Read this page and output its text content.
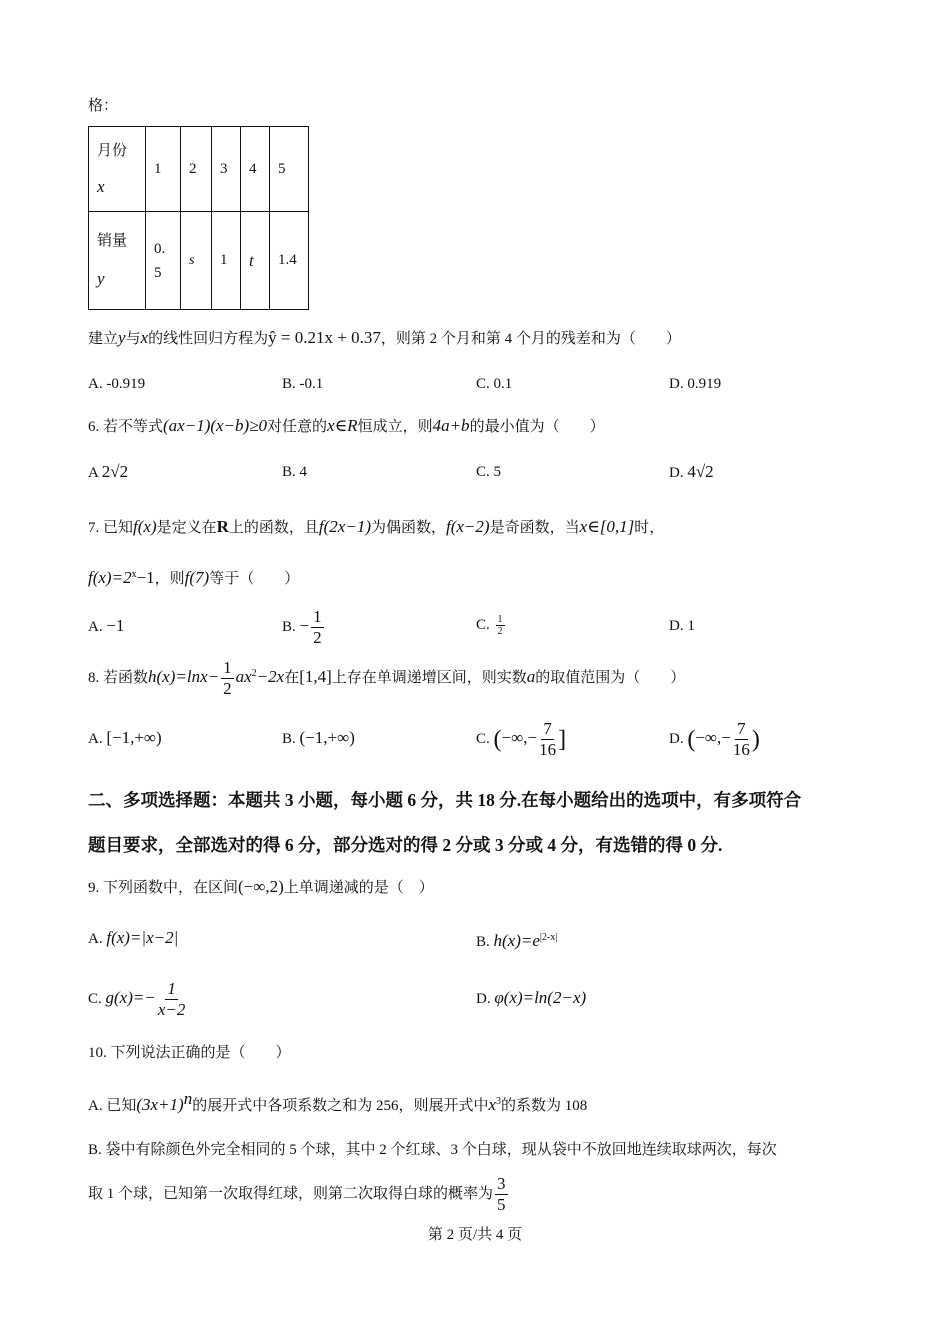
格：
月份
x	1	2	3	4	5
销量
y	0.5	s	1	t	1.4
建立y与x的线性回归方程为ŷ = 0.21x + 0.37，则第 2 个月和第 4 个月的残差和为（　　）
A. -0.919	B. -0.1	C. 0.1	D. 0.919
6. 若不等式(ax−1)(x−b)≥0对任意的x∈R恒成立，则4a+b的最小值为（　　）
A 2√2	B. 4	C. 5	D. 4√2
7. 已知f(x)是定义在R上的函数，且f(2x−1)为偶函数，f(x−2)是奇函数，当x∈[0,1]时，
$f(x)=2^x-1$，则f(7)等于（　　）
A. −1	B. − $\frac{1}{2}$	C. $\frac{1}{2}$	D. 1
8. 若函数$h(x)=\ln x- \frac{1}{2} ax^2-2x$在[1,4]上存在单调递增区间，则实数a的取值范围为（　　）
A. [−1,+∞)	B. (−1,+∞)	C. (−∞,− $\frac{7}{16}$ ]	D. (−∞,− $\frac{7}{16}$ )
二、多项选择题：本题共 3 小题，每小题 6 分，共 18 分.在每小题给出的选项中，有多项符合
题目要求，全部选对的得 6 分，部分选对的得 2 分或 3 分或 4 分，有选错的得 0 分.
9. 下列函数中，在区间(−∞,2)上单调递减的是（　）
A. f(x)=|x−2|	B. $h(x)=e^{|2-x|}$
C. $g(x)=- \frac{1}{x-2}$	D. φ(x)=ln(2−x)
10. 下列说法正确的是（　　）
A. 已知$(3x+1)^n$的展开式中各项系数之和为 256，则展开式中$x^3$的系数为 108
B. 袋中有除颜色外完全相同的 5 个球，其中 2 个红球、3 个白球，现从袋中不放回地连续取球两次，每次
取 1 个球，已知第一次取得红球，则第二次取得白球的概率为 $\frac{3}{5}$
第 2 页/共 4 页
